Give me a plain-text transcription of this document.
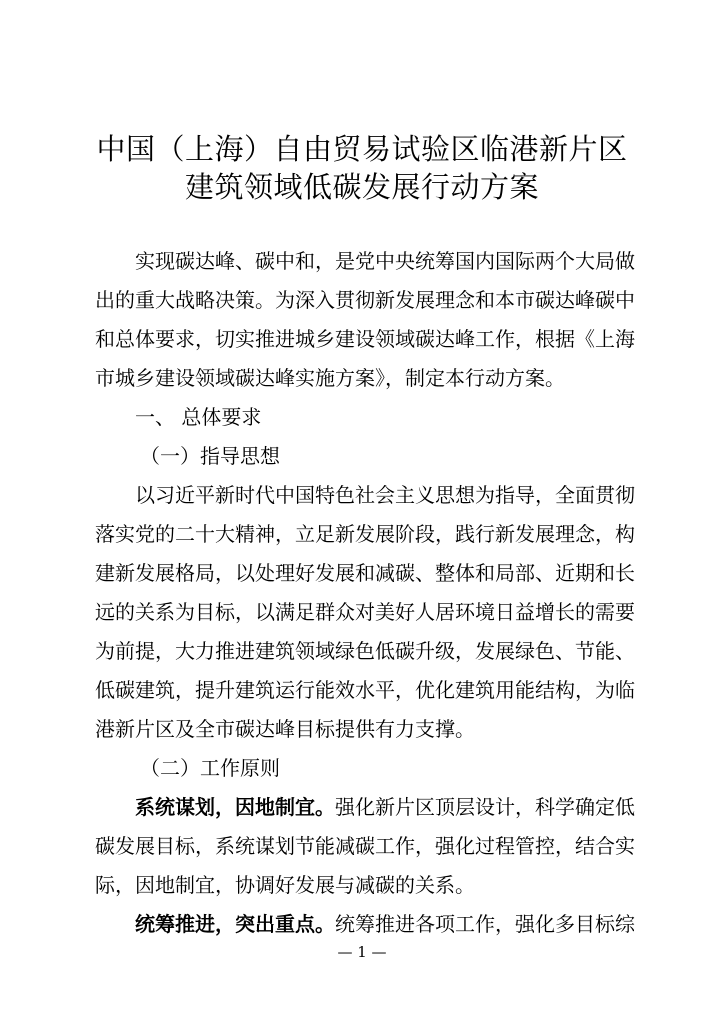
中国（上海）自由贸易试验区临港新片区
建筑领域低碳发展行动方案
实现碳达峰、碳中和，是党中央统筹国内国际两个大局做
出的重大战略决策。为深入贯彻新发展理念和本市碳达峰碳中
和总体要求，切实推进城乡建设领域碳达峰工作，根据《上海
市城乡建设领域碳达峰实施方案》，制定本行动方案。
一、 总体要求
（一）指导思想
以习近平新时代中国特色社会主义思想为指导，全面贯彻
落实党的二十大精神，立足新发展阶段，践行新发展理念，构
建新发展格局，以处理好发展和减碳、整体和局部、近期和长
远的关系为目标，以满足群众对美好人居环境日益增长的需要
为前提，大力推进建筑领域绿色低碳升级，发展绿色、节能、
低碳建筑，提升建筑运行能效水平，优化建筑用能结构，为临
港新片区及全市碳达峰目标提供有力支撑。
（二）工作原则
系统谋划，因地制宜。强化新片区顶层设计，科学确定低
碳发展目标，系统谋划节能减碳工作，强化过程管控，结合实
际，因地制宜，协调好发展与减碳的关系。
统筹推进，突出重点。统筹推进各项工作，强化多目标综
— 1 —
